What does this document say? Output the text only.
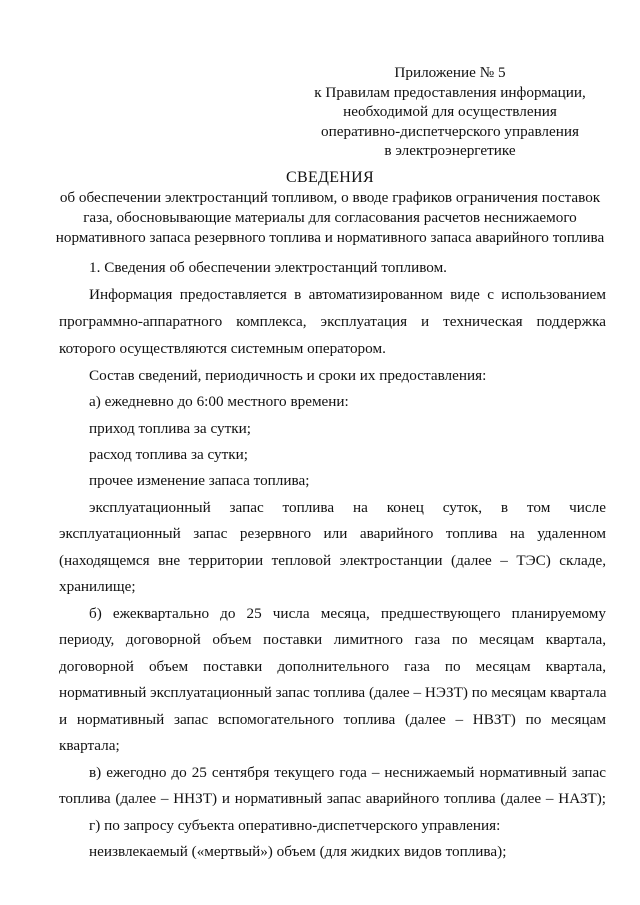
Приложение № 5
к Правилам предоставления информации,
необходимой для осуществления
оперативно-диспетчерского управления
в электроэнергетике
СВЕДЕНИЯ
об обеспечении электростанций топливом, о вводе графиков ограничения поставок
газа, обосновывающие материалы для согласования расчетов неснижаемого
нормативного запаса резервного топлива и нормативного запаса аварийного топлива
1. Сведения об обеспечении электростанций топливом.
Информация предоставляется в автоматизированном виде с использованием
программно-аппаратного комплекса, эксплуатация и техническая поддержка
которого осуществляются системным оператором.
Состав сведений, периодичность и сроки их предоставления:
а) ежедневно до 6:00 местного времени:
приход топлива за сутки;
расход топлива за сутки;
прочее изменение запаса топлива;
эксплуатационный запас топлива на конец суток, в том числе
эксплуатационный запас резервного или аварийного топлива на удаленном
(находящемся вне территории тепловой электростанции (далее – ТЭС) складе,
хранилище;
б) ежеквартально до 25 числа месяца, предшествующего планируемому
периоду, договорной объем поставки лимитного газа по месяцам квартала,
договорной объем поставки дополнительного газа по месяцам квартала,
нормативный эксплуатационный запас топлива (далее – НЭЗТ) по месяцам квартала
и нормативный запас вспомогательного топлива (далее – НВЗТ) по месяцам
квартала;
в) ежегодно до 25 сентября текущего года – неснижаемый нормативный запас
топлива (далее – ННЗТ) и нормативный запас аварийного топлива (далее – НАЗТ);
г) по запросу субъекта оперативно-диспетчерского управления:
неизвлекаемый («мертвый») объем (для жидких видов топлива);
